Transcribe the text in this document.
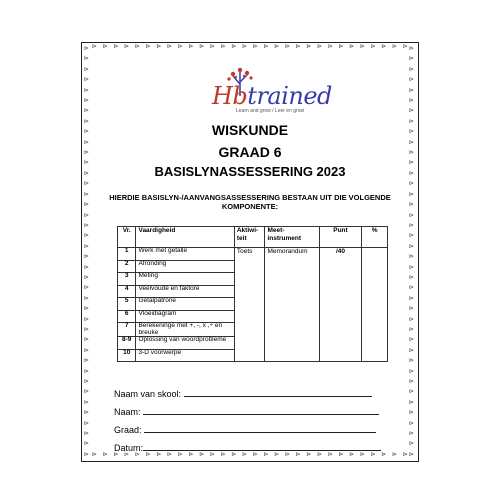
⊳
⊳
⊳
⊳
⊳
⊳
⊳
⊳
⊳
⊳
⊳
⊳
⊳
⊳
⊳
⊳
⊳
⊳
⊳
⊳
⊳
⊳
⊳
⊳
⊳
⊳
⊳
⊳
⊳
⊳
⊳
⊳
⊳
⊳
⊳
⊳
⊳
⊳
⊳
⊳
⊳
⊳
⊳
⊳
⊳
⊳
⊳
⊳
⊳
⊳
⊳
⊳
⊳
⊳
⊳
⊳
⊳
⊳
⊳
⊳
⊳
⊳
⊳
⊳
⊳
⊳
⊳
⊳
⊳
⊳
⊳
⊳
⊳
⊳
⊳
⊳
⊳
⊳
⊳
⊳
⊳ ⊳ ⊳ ⊳ ⊳ ⊳ ⊳ ⊳ ⊳ ⊳ ⊳ ⊳ ⊳ ⊳ ⊳ ⊳ ⊳ ⊳ ⊳ ⊳ ⊳ ⊳ ⊳ ⊳ ⊳ ⊳ ⊳ ⊳ ⊳ ⊳
⊳ ⊳ ⊳ ⊳ ⊳ ⊳ ⊳ ⊳ ⊳ ⊳ ⊳ ⊳ ⊳ ⊳ ⊳ ⊳ ⊳ ⊳ ⊳ ⊳ ⊳ ⊳ ⊳ ⊳ ⊳ ⊳ ⊳ ⊳ ⊳ ⊳
Hbtrained
Learn and grow / Leer en groei
WISKUNDE
GRAAD 6
BASISLYNASSESSERING 2023
HIERDIE BASISLYN-/AANVANGSASSESSERING BESTAAN UIT DIE VOLGENDE KOMPONENTE:
Vr.	Vaardigheid	Aktiwi-teit	Meet-instrument	Punt	%
1	Werk met getalle	Toets	Memorandum	/40	
2	Afronding				
3	Meting				
4	Veelvoude en faktore				
5	Getalpatrone				
6	Vloeidiagram				
7	Berekeninge met +, -, x ,÷ en breuke				
8-9	Oplossing van woordprobleme				
10	3-D voorwerpe				
Naam van skool:
Naam:
Graad:
Datum:
